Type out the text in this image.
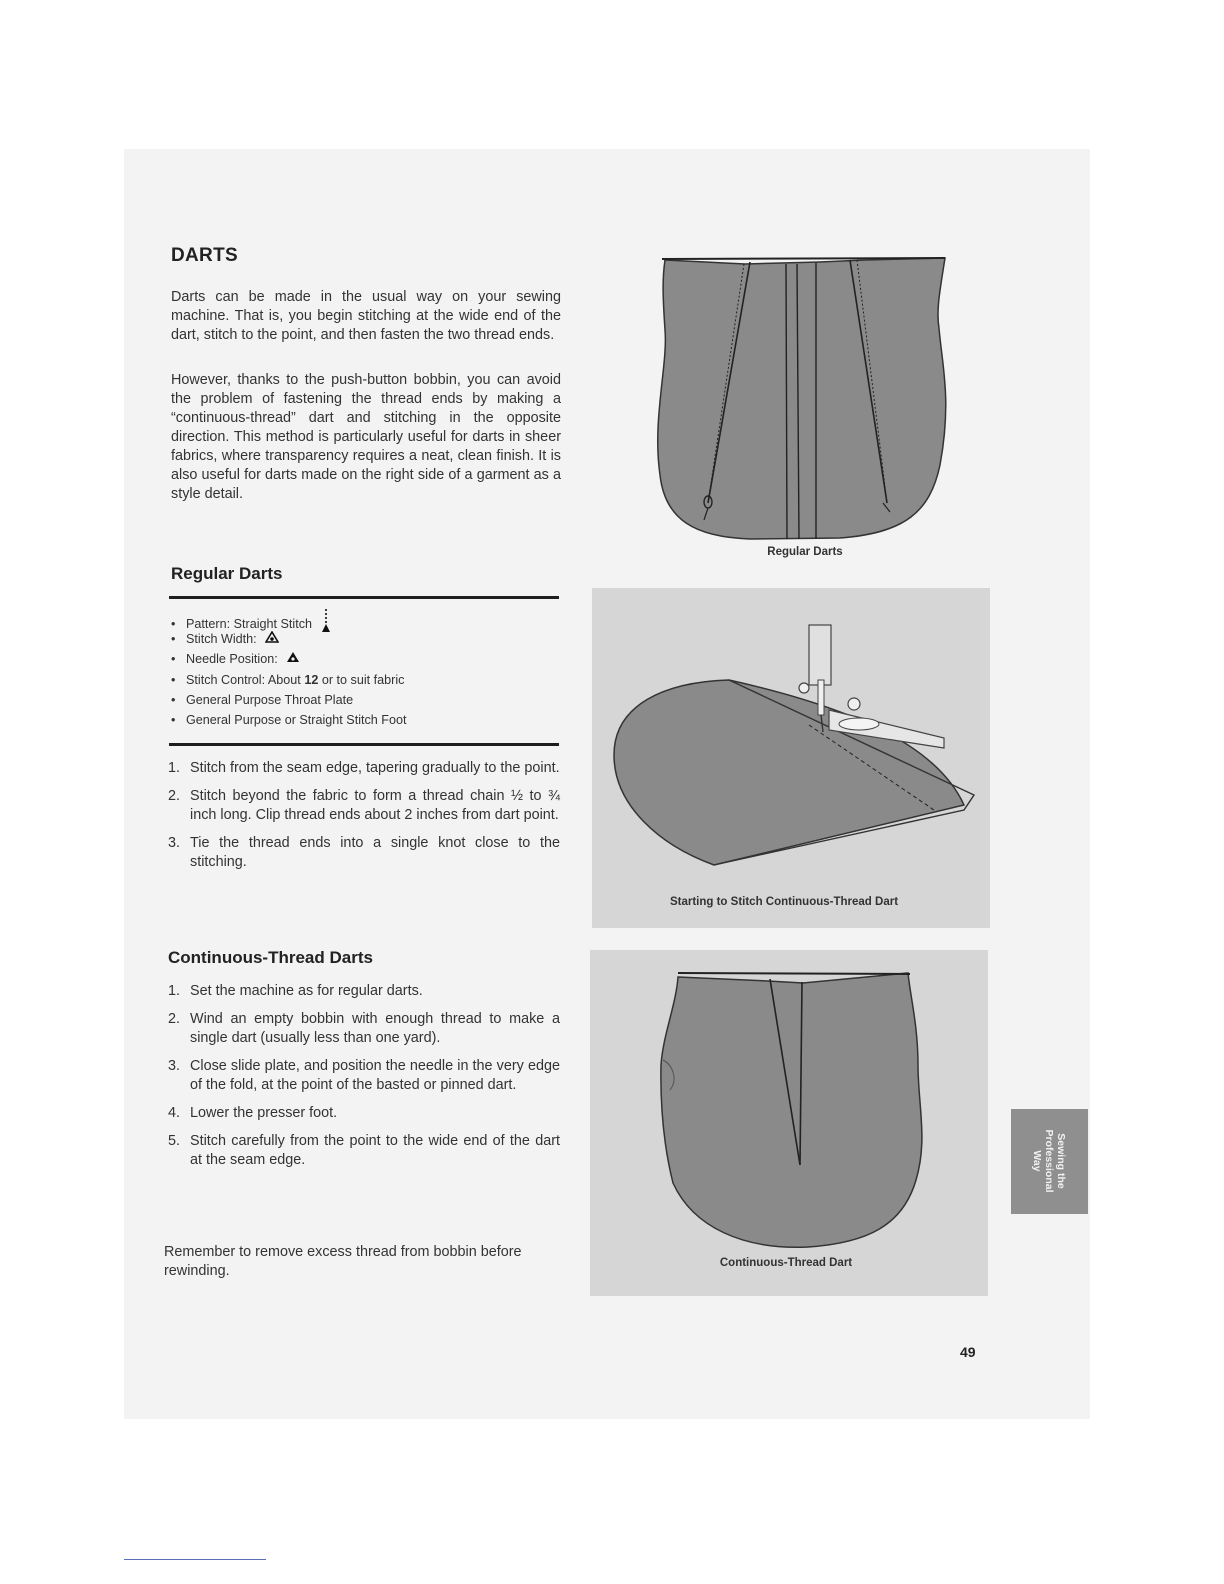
DARTS

Darts can be made in the usual way on your sewing machine. That is, you begin stitching at the wide end of the dart, stitch to the point, and then fasten the two thread ends.

However, thanks to the push-button bobbin, you can avoid the problem of fastening the thread ends by making a “continuous-thread” dart and stitching in the opposite direction. This method is particularly useful for darts in sheer fabrics, where transparency requires a neat, clean finish. It is also useful for darts made on the right side of a garment as a style detail.

Regular Darts
• Pattern: Straight Stitch
• Stitch Width:
• Needle Position:
• Stitch Control: About 12 or to suit fabric
• General Purpose Throat Plate
• General Purpose or Straight Stitch Foot
1. Stitch from the seam edge, tapering gradually to the point.
2. Stitch beyond the fabric to form a thread chain ½ to ¾ inch long. Clip thread ends about 2 inches from dart point.
3. Tie the thread ends into a single knot close to the stitching.
Continuous-Thread Darts
1. Set the machine as for regular darts.
2. Wind an empty bobbin with enough thread to make a single dart (usually less than one yard).
3. Close slide plate, and position the needle in the very edge of the fold, at the point of the basted or pinned dart.
4. Lower the presser foot.
5. Stitch carefully from the point to the wide end of the dart at the seam edge.

Remember to remove excess thread from bobbin before rewinding.

Regular Darts
Starting to Stitch Continuous-Thread Dart
Continuous-Thread Dart
Sewing the
Professional
Way
49
